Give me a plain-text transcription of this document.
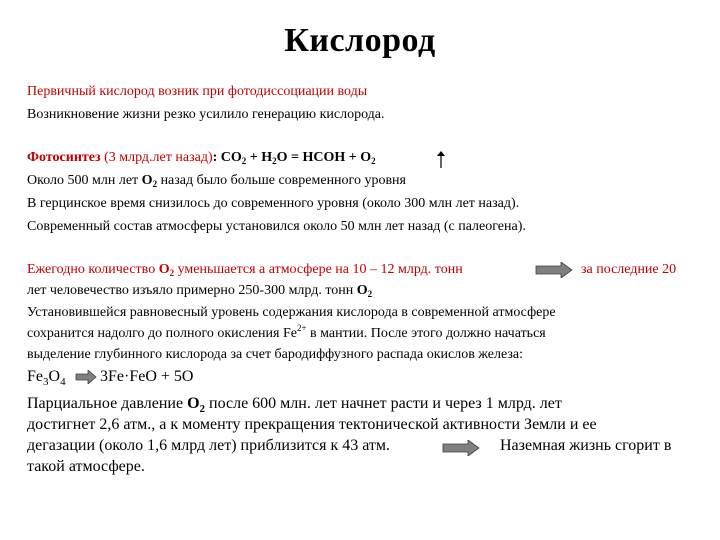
Кислород
Первичный кислород возник при фотодиссоциации воды
Возникновение жизни резко усилило генерацию кислорода.
Фотосинтез (3 млрд.лет назад): $CO_2 + H_2O$ = HCOH + $O_2$
Около 500 млн лет $O_2$ назад было больше современного уровня
В герцинское время снизилось до современного уровня (около 300 млн лет назад).
Современный состав атмосферы установился около 50 млн лет назад (с палеогена).
Ежегодно количество $O_2$ уменьшается а атмосфере на 10 – 12 млрд. тонн	за последние 20
лет человечество изъяло примерно 250-300 млрд. тонн $O_2$
Установившейся равновесный уровень содержания кислорода в современной атмосфере
сохранится надолго до полного окисления $Fe^{2+}$ в мантии. После этого должно начаться
выделение глубинного кислорода за счет бародиффузного распада окислов железа:
$Fe_3O_4$ 3Fe·FeO + 5O
Парциальное давление $O_2$ после 600 млн. лет начнет расти и через 1 млрд. лет
достигнет 2,6 атм., а к моменту прекращения тектонической активности Земли и ее
дегазации (около 1,6 млрд лет) приблизится к 43 атм.	Наземная жизнь сгорит в
такой атмосфере.
